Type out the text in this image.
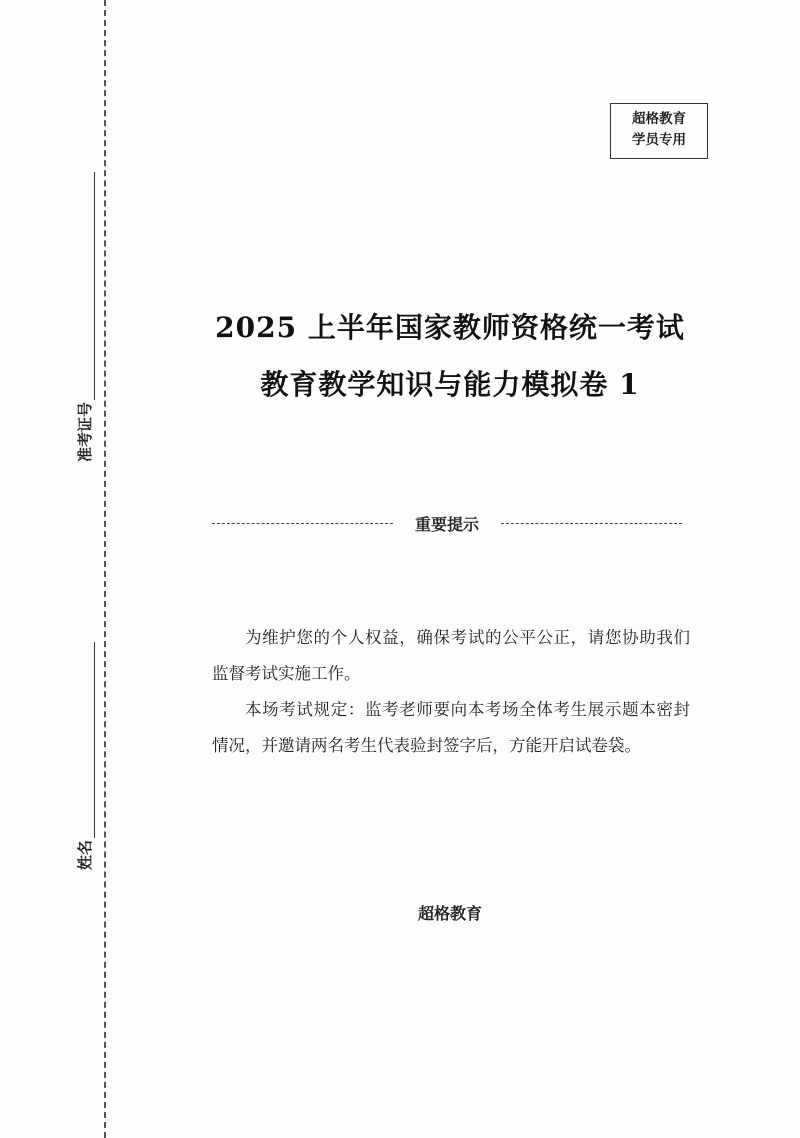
准考证号
姓名
超格教育
学员专用
2025 上半年国家教师资格统一考试
教育教学知识与能力模拟卷 1
重要提示

为维护您的个人权益，确保考试的公平公正，请您协助我们监督考试实施工作。

本场考试规定：监考老师要向本考场全体考生展示题本密封情况，并邀请两名考生代表验封签字后，方能开启试卷袋。

超格教育
